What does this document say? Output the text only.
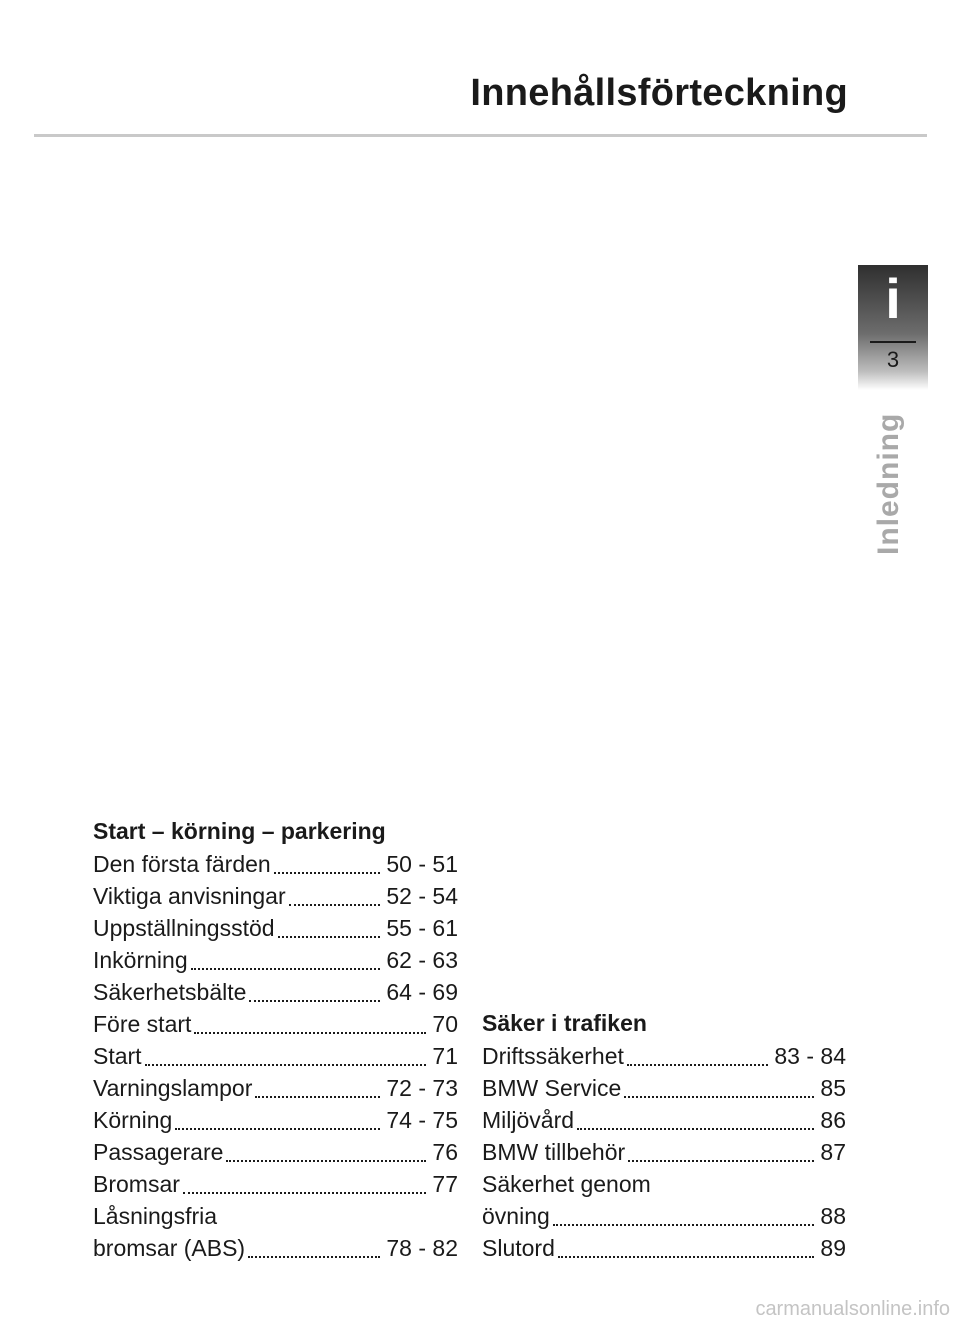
Innehållsförteckning
i
3
Inledning
Start – körning – parkering
Den första färden	50 - 51
Viktiga anvisningar	52 - 54
Uppställningsstöd	55 - 61
Inkörning	62 - 63
Säkerhetsbälte	64 - 69
Före start	70
Start	71
Varningslampor	72 - 73
Körning	74 - 75
Passagerare	76
Bromsar	77
Låsningsfria
bromsar (ABS)	78 - 82
Säker i trafiken
Driftssäkerhet	83 - 84
BMW Service	85
Miljövård	86
BMW tillbehör	87
Säkerhet genom
övning	88
Slutord	89
carmanualsonline.info
